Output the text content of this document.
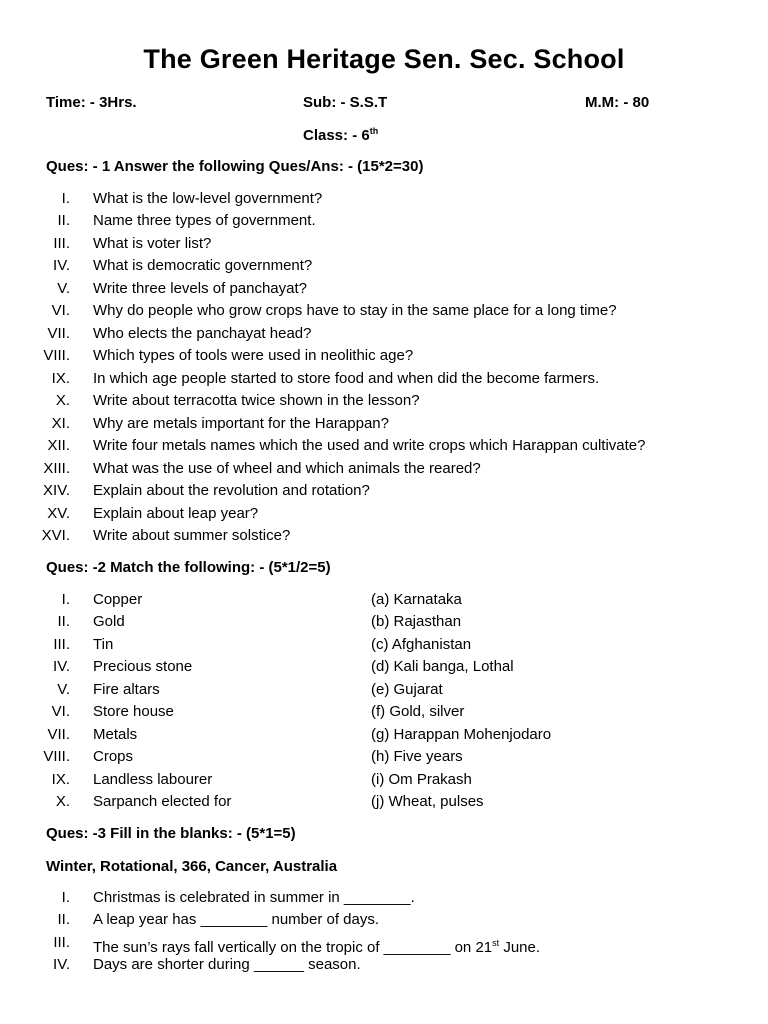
The Green Heritage Sen. Sec. School
Time: - 3Hrs.	Sub: - S.S.T	M.M: - 80
Class: - 6th
Ques: - 1 Answer the following Ques/Ans: - (15*2=30)
I. What is the low-level government?
II. Name three types of government.
III. What is voter list?
IV. What is democratic government?
V. Write three levels of panchayat?
VI. Why do people who grow crops have to stay in the same place for a long time?
VII. Who elects the panchayat head?
VIII. Which types of tools were used in neolithic age?
IX. In which age people started to store food and when did the become farmers.
X. Write about terracotta twice shown in the lesson?
XI. Why are metals important for the Harappan?
XII. Write four metals names which the used and write crops which Harappan cultivate?
XIII. What was the use of wheel and which animals the reared?
XIV. Explain about the revolution and rotation?
XV. Explain about leap year?
XVI. Write about summer solstice?
Ques: -2 Match the following: - (5*1/2=5)
I. Copper	(a) Karnataka
II. Gold	(b) Rajasthan
III. Tin	(c) Afghanistan
IV. Precious stone	(d) Kali banga, Lothal
V. Fire altars	(e) Gujarat
VI. Store house	(f) Gold, silver
VII. Metals	(g) Harappan Mohenjodaro
VIII. Crops	(h) Five years
IX. Landless labourer	(i) Om Prakash
X. Sarpanch elected for	(j) Wheat, pulses
Ques: -3 Fill in the blanks: - (5*1=5)
Winter, Rotational, 366, Cancer, Australia
I. Christmas is celebrated in summer in ________.
II. A leap year has ________ number of days.
III. The sun’s rays fall vertically on the tropic of ________ on 21st June.
IV. Days are shorter during ______ season.
